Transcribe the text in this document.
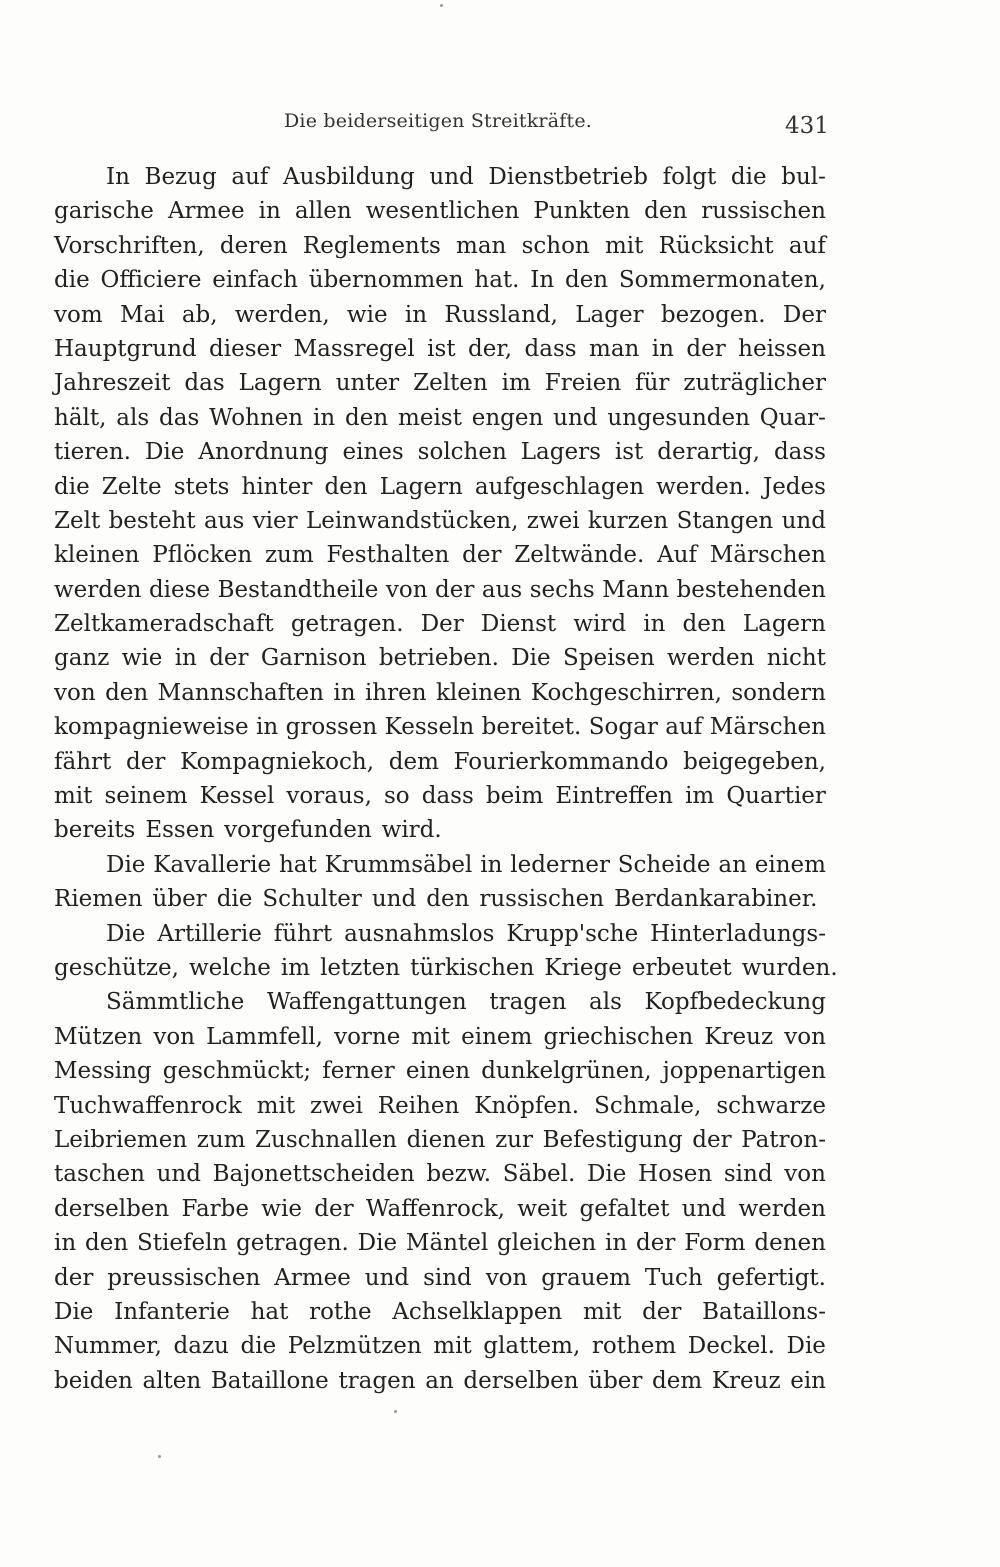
Die beiderseitigen Streitkräfte.	431
In Bezug auf Ausbildung und Dienstbetrieb folgt die bul-
garische Armee in allen wesentlichen Punkten den russischen
Vorschriften, deren Reglements man schon mit Rücksicht auf
die Officiere einfach übernommen hat. In den Sommermonaten,
vom Mai ab, werden, wie in Russland, Lager bezogen. Der
Hauptgrund dieser Massregel ist der, dass man in der heissen
Jahreszeit das Lagern unter Zelten im Freien für zuträglicher
hält, als das Wohnen in den meist engen und ungesunden Quar-
tieren. Die Anordnung eines solchen Lagers ist derartig, dass
die Zelte stets hinter den Lagern aufgeschlagen werden. Jedes
Zelt besteht aus vier Leinwandstücken, zwei kurzen Stangen und
kleinen Pflöcken zum Festhalten der Zeltwände. Auf Märschen
werden diese Bestandtheile von der aus sechs Mann bestehenden
Zeltkameradschaft getragen. Der Dienst wird in den Lagern
ganz wie in der Garnison betrieben. Die Speisen werden nicht
von den Mannschaften in ihren kleinen Kochgeschirren, sondern
kompagnieweise in grossen Kesseln bereitet. Sogar auf Märschen
fährt der Kompagniekoch, dem Fourierkommando beigegeben,
mit seinem Kessel voraus, so dass beim Eintreffen im Quartier
bereits Essen vorgefunden wird.
Die Kavallerie hat Krummsäbel in lederner Scheide an einem
Riemen über die Schulter und den russischen Berdankarabiner.
Die Artillerie führt ausnahmslos Krupp'sche Hinterladungs-
geschütze, welche im letzten türkischen Kriege erbeutet wurden.
Sämmtliche Waffengattungen tragen als Kopfbedeckung
Mützen von Lammfell, vorne mit einem griechischen Kreuz von
Messing geschmückt; ferner einen dunkelgrünen, joppenartigen
Tuchwaffenrock mit zwei Reihen Knöpfen. Schmale, schwarze
Leibriemen zum Zuschnallen dienen zur Befestigung der Patron-
taschen und Bajonettscheiden bezw. Säbel. Die Hosen sind von
derselben Farbe wie der Waffenrock, weit gefaltet und werden
in den Stiefeln getragen. Die Mäntel gleichen in der Form denen
der preussischen Armee und sind von grauem Tuch gefertigt.
Die Infanterie hat rothe Achselklappen mit der Bataillons-
Nummer, dazu die Pelzmützen mit glattem, rothem Deckel. Die
beiden alten Bataillone tragen an derselben über dem Kreuz ein
